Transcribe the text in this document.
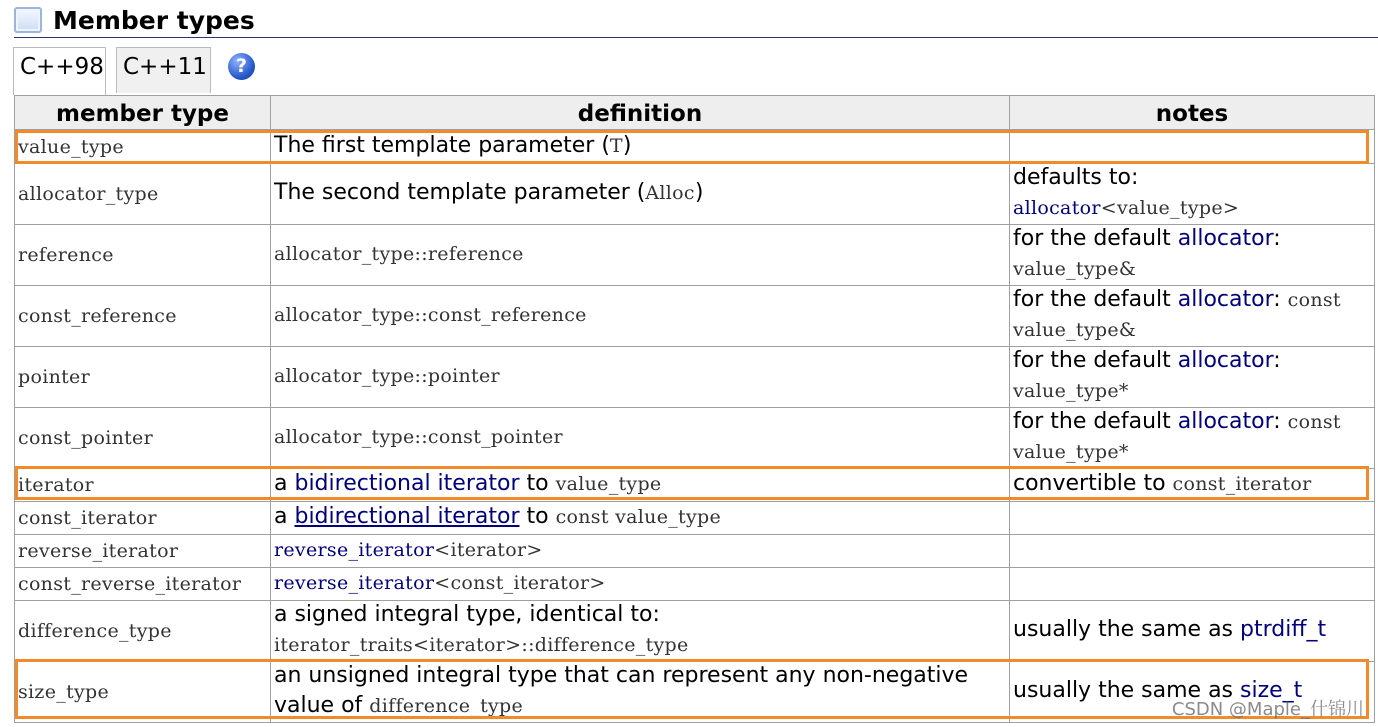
Member types
C++98 C++11	?
member type	definition	notes
value_type	The first template parameter (T)	

allocator_type	The second template parameter (Alloc)	defaults to:
allocator<value_type>

reference	allocator_type::reference	for the default allocator:
value_type&

const_reference	allocator_type::const_reference	for the default allocator: const
value_type&

pointer	allocator_type::pointer	for the default allocator:
value_type*

const_pointer	allocator_type::const_pointer	for the default allocator: const
value_type*

iterator	a bidirectional iterator to value_type	convertible to const_iterator

const_iterator	a bidirectional iterator to const value_type	

reverse_iterator	reverse_iterator<iterator>	

const_reverse_iterator	reverse_iterator<const_iterator>	

difference_type	a signed integral type, identical to:
iterator_traits<iterator>::difference_type	usually the same as ptrdiff_t

size_type	an unsigned integral type that can represent any non-negative
value of difference_type	usually the same as size_t
CSDN @Maple_什锦川
